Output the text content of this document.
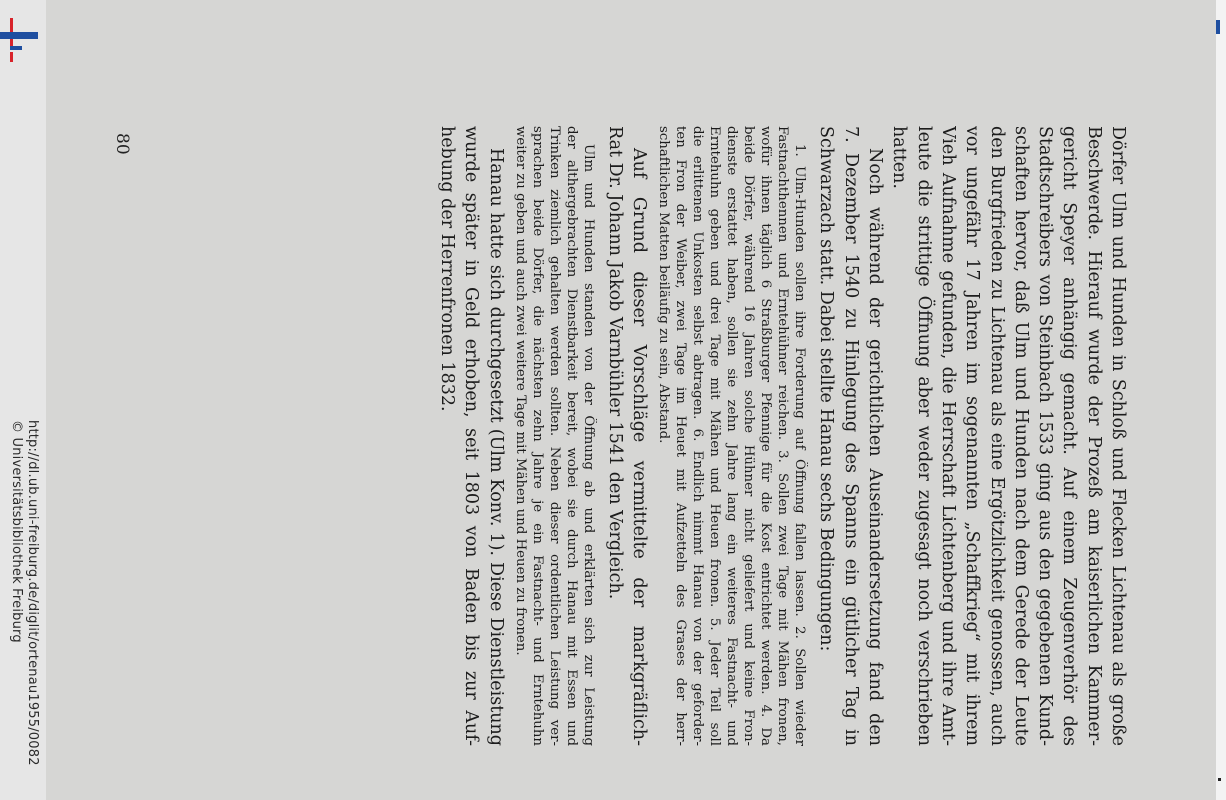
http://dl.ub.uni-freiburg.de/diglit/ortenau1955/0082
© Universitätsbibliothek Freiburg
80	Dörfer Ulm und Hunden in Schloß und Flecken Lichtenau als große
Beschwerde. Hierauf wurde der Prozeß am kaiserlichen Kammer-
gericht Speyer anhängig gemacht. Auf einem Zeugenverhör des
Stadtschreibers von Steinbach 1533 ging aus den gegebenen Kund-
schaften hervor, daß Ulm und Hunden nach dem Gerede der Leute
den Burgfrieden zu Lichtenau als eine Ergötzlichkeit genossen, auch
vor ungefähr 17 Jahren im sogenannten „Schaffkrieg“ mit ihrem
Vieh Aufnahme gefunden, die Herrschaft Lichtenberg und ihre Amt-
leute die strittige Öffnung aber weder zugesagt noch verschrieben
hatten.
Noch während der gerichtlichen Auseinandersetzung fand den
7. Dezember 1540 zu Hinlegung des Spanns ein gütlicher Tag in
Schwarzach statt. Dabei stellte Hanau sechs Bedingungen:
1. Ulm-Hunden sollen ihre Forderung auf Öffnung fallen lassen. 2. Sollen wieder
Fastnachthennen und Erntehühner reichen. 3. Sollen zwei Tage mit Mähen fronen,
wofür ihnen täglich 6 Straßburger Pfennige für die Kost entrichtet werden. 4. Da
beide Dörfer, während 16 Jahren solche Hühner nicht geliefert und keine Fron-
dienste erstattet haben, sollen sie zehn Jahre lang ein weiteres Fastnacht- und
Erntehuhn geben und drei Tage mit Mähen und Heuen fronen. 5. Jeder Teil soll
die erlittenen Unkosten selbst abtragen. 6. Endlich nimmt Hanau von der geforder-
ten Fron der Weiber, zwei Tage im Heuet mit Aufzetteln des Grases der herr-
schaftlichen Matten beiläufig zu sein, Abstand.
Auf Grund dieser Vorschläge vermittelte der markgräflich-
Rat Dr. Johann Jakob Varnbühler 1541 den Vergleich.
Ulm und Hunden standen von der Öffnung ab und erklärten sich zur Leistung
der althergebrachten Dienstbarkeit bereit, wobei sie durch Hanau mit Essen und
Trinken ziemlich gehalten werden sollten. Neben dieser ordentlichen Leistung ver-
sprachen beide Dörfer, die nächsten zehn Jahre je ein Fastnacht- und Erntehuhn
weiter zu geben und auch zwei weitere Tage mit Mähen und Heuen zu fronen.
Hanau hatte sich durchgesetzt (Ulm Konv. 1). Diese Dienstleistung
wurde später in Geld erhoben, seit 1803 von Baden bis zur Auf-
hebung der Herrenfronen 1832.
